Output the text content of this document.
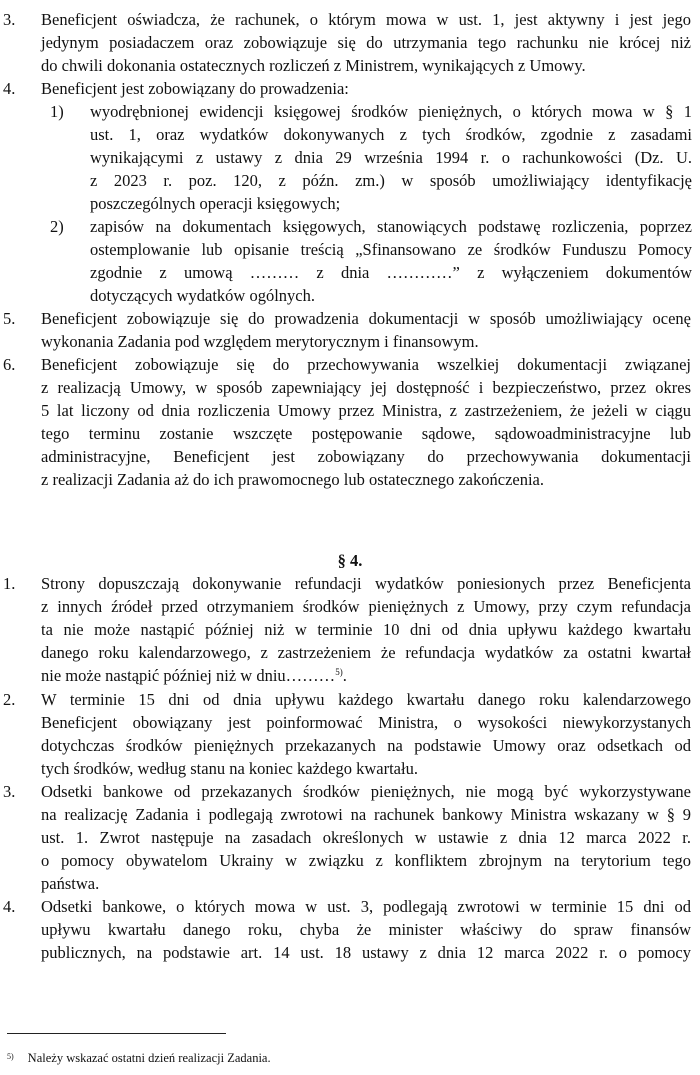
3. Beneficjent oświadcza, że rachunek, o którym mowa w ust. 1, jest aktywny i jest jego
jedynym posiadaczem oraz zobowiązuje się do utrzymania tego rachunku nie krócej niż
do chwili dokonania ostatecznych rozliczeń z Ministrem, wynikających z Umowy.
4. Beneficjent jest zobowiązany do prowadzenia:
1) wyodrębnionej ewidencji księgowej środków pieniężnych, o których mowa w § 1
ust. 1, oraz wydatków dokonywanych z tych środków, zgodnie z zasadami
wynikającymi z ustawy z dnia 29 września 1994 r. o rachunkowości (Dz. U.
z 2023 r. poz. 120, z późn. zm.) w sposób umożliwiający identyfikację
poszczególnych operacji księgowych;
2) zapisów na dokumentach księgowych, stanowiących podstawę rozliczenia, poprzez
ostemplowanie lub opisanie treścią „Sfinansowano ze środków Funduszu Pomocy
zgodnie z umową ……… z dnia …………” z wyłączeniem dokumentów
dotyczących wydatków ogólnych.
5. Beneficjent zobowiązuje się do prowadzenia dokumentacji w sposób umożliwiający ocenę
wykonania Zadania pod względem merytorycznym i finansowym.
6. Beneficjent zobowiązuje się do przechowywania wszelkiej dokumentacji związanej
z realizacją Umowy, w sposób zapewniający jej dostępność i bezpieczeństwo, przez okres
5 lat liczony od dnia rozliczenia Umowy przez Ministra, z zastrzeżeniem, że jeżeli w ciągu
tego terminu zostanie wszczęte postępowanie sądowe, sądowoadministracyjne lub
administracyjne, Beneficjent jest zobowiązany do przechowywania dokumentacji
z realizacji Zadania aż do ich prawomocnego lub ostatecznego zakończenia.
§ 4.
1. Strony dopuszczają dokonywanie refundacji wydatków poniesionych przez Beneficjenta
z innych źródeł przed otrzymaniem środków pieniężnych z Umowy, przy czym refundacja
ta nie może nastąpić później niż w terminie 10 dni od dnia upływu każdego kwartału
danego roku kalendarzowego, z zastrzeżeniem że refundacja wydatków za ostatni kwartał
nie może nastąpić później niż w dniu………$^{5)}$.
2. W terminie 15 dni od dnia upływu każdego kwartału danego roku kalendarzowego
Beneficjent obowiązany jest poinformować Ministra, o wysokości niewykorzystanych
dotychczas środków pieniężnych przekazanych na podstawie Umowy oraz odsetkach od
tych środków, według stanu na koniec każdego kwartału.
3. Odsetki bankowe od przekazanych środków pieniężnych, nie mogą być wykorzystywane
na realizację Zadania i podlegają zwrotowi na rachunek bankowy Ministra wskazany w § 9
ust. 1. Zwrot następuje na zasadach określonych w ustawie z dnia 12 marca 2022 r.
o pomocy obywatelom Ukrainy w związku z konfliktem zbrojnym na terytorium tego
państwa.
4. Odsetki bankowe, o których mowa w ust. 3, podlegają zwrotowi w terminie 15 dni od
upływu kwartału danego roku, chyba że minister właściwy do spraw finansów
publicznych, na podstawie art. 14 ust. 18 ustawy z dnia 12 marca 2022 r. o pomocy
$^{5)}$ Należy wskazać ostatni dzień realizacji Zadania.
